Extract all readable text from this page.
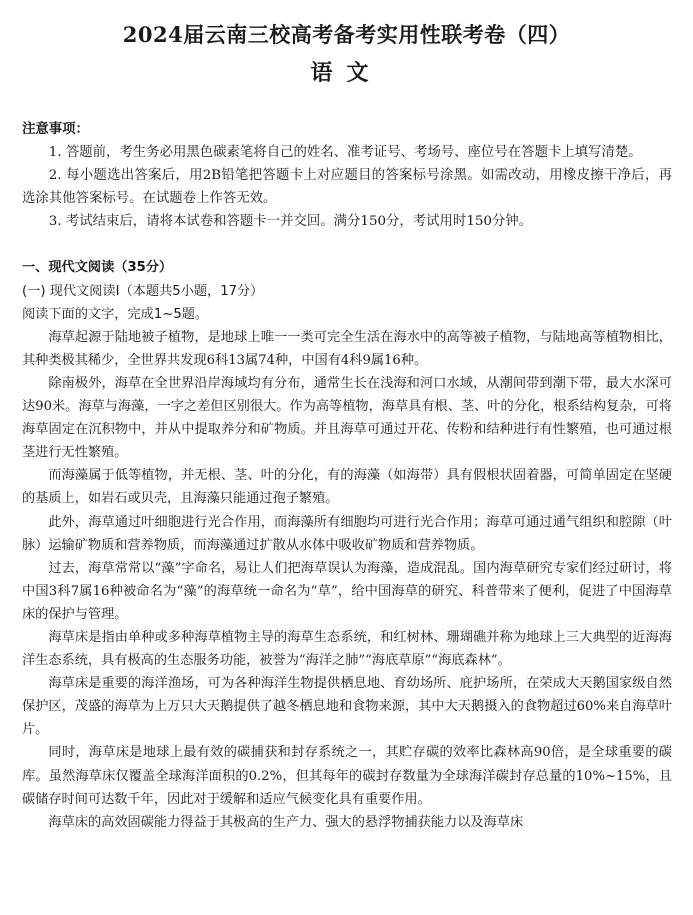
2024届云南三校高考备考实用性联考卷（四）
语文

注意事项：

1. 答题前，考生务必用黑色碳素笔将自己的姓名、准考证号、考场号、座位号在答题卡上填写清楚。

2. 每小题选出答案后，用2B铅笔把答题卡上对应题目的答案标号涂黑。如需改动，用橡皮擦干净后，再选涂其他答案标号。在试题卷上作答无效。

3. 考试结束后，请将本试卷和答题卡一并交回。满分150分，考试用时150分钟。

一、现代文阅读（35分）

(一) 现代文阅读Ⅰ（本题共5小题，17分）

阅读下面的文字，完成1~5题。

海草起源于陆地被子植物，是地球上唯一一类可完全生活在海水中的高等被子植物，与陆地高等植物相比，其种类极其稀少，全世界共发现6科13属74种，中国有4科9属16种。

除南极外，海草在全世界沿岸海域均有分布，通常生长在浅海和河口水域，从潮间带到潮下带，最大水深可达90米。海草与海藻，一字之差但区别很大。作为高等植物，海草具有根、茎、叶的分化，根系结构复杂，可将海草固定在沉积物中，并从中提取养分和矿物质。并且海草可通过开花、传粉和结种进行有性繁殖，也可通过根茎进行无性繁殖。

而海藻属于低等植物，并无根、茎、叶的分化，有的海藻（如海带）具有假根状固着器，可简单固定在坚硬的基质上，如岩石或贝壳，且海藻只能通过孢子繁殖。

此外，海草通过叶细胞进行光合作用，而海藻所有细胞均可进行光合作用；海草可通过通气组织和腔隙（叶脉）运输矿物质和营养物质，而海藻通过扩散从水体中吸收矿物质和营养物质。

过去，海草常常以“藻”字命名，易让人们把海草误认为海藻，造成混乱。国内海草研究专家们经过研讨，将中国3科7属16种被命名为“藻”的海草统一命名为“草”，给中国海草的研究、科普带来了便利，促进了中国海草床的保护与管理。

海草床是指由单种或多种海草植物主导的海草生态系统，和红树林、珊瑚礁并称为地球上三大典型的近海海洋生态系统，具有极高的生态服务功能，被誉为“海洋之肺”“海底草原”“海底森林”。

海草床是重要的海洋渔场，可为各种海洋生物提供栖息地、育幼场所、庇护场所，在荣成大天鹅国家级自然保护区，茂盛的海草为上万只大天鹅提供了越冬栖息地和食物来源，其中大天鹅摄入的食物超过60%来自海草叶片。

同时，海草床是地球上最有效的碳捕获和封存系统之一，其贮存碳的效率比森林高90倍，是全球重要的碳库。虽然海草床仅覆盖全球海洋面积的0.2%，但其每年的碳封存数量为全球海洋碳封存总量的10%~15%，且碳储存时间可达数千年，因此对于缓解和适应气候变化具有重要作用。

海草床的高效固碳能力得益于其极高的生产力、强大的悬浮物捕获能力以及海草床
